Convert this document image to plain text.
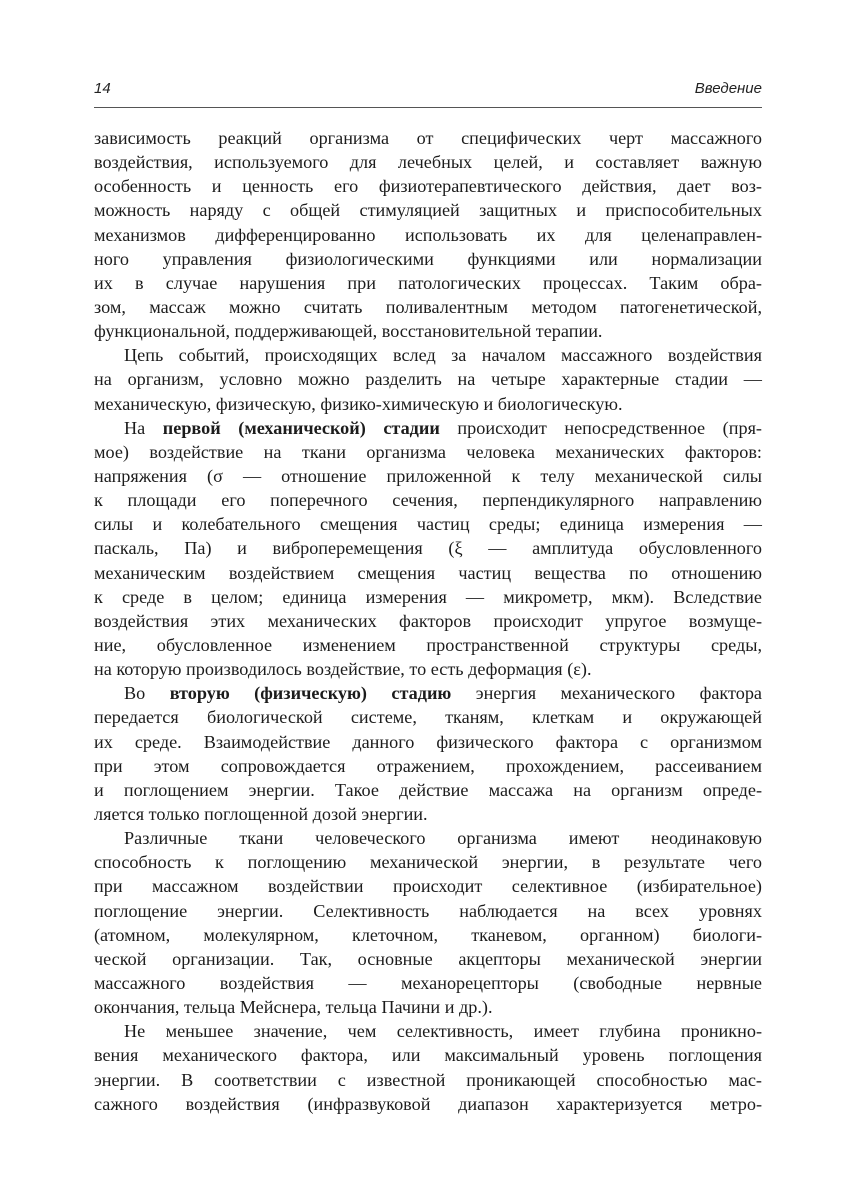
14	Введение
зависимость реакций организма от специфических черт массажного
воздействия, используемого для лечебных целей, и составляет важную
особенность и ценность его физиотерапевтического действия, дает воз-
можность наряду с общей стимуляцией защитных и приспособительных
механизмов дифференцированно использовать их для целенаправлен-
ного управления физиологическими функциями или нормализации
их в случае нарушения при патологических процессах. Таким обра-
зом, массаж можно считать поливалентным методом патогенетической,
функциональной, поддерживающей, восстановительной терапии.
Цепь событий, происходящих вслед за началом массажного воздействия
на организм, условно можно разделить на четыре характерные стадии —
механическую, физическую, физико-химическую и биологическую.
На первой (механической) стадии происходит непосредственное (пря-
мое) воздействие на ткани организма человека механических факторов:
напряжения (σ — отношение приложенной к телу механической силы
к площади его поперечного сечения, перпендикулярного направлению
силы и колебательного смещения частиц среды; единица измерения —
паскаль, Па) и виброперемещения (ξ — амплитуда обусловленного
механическим воздействием смещения частиц вещества по отношению
к среде в целом; единица измерения — микрометр, мкм). Вследствие
воздействия этих механических факторов происходит упругое возмуще-
ние, обусловленное изменением пространственной структуры среды,
на которую производилось воздействие, то есть деформация (ε).
Во вторую (физическую) стадию энергия механического фактора
передается биологической системе, тканям, клеткам и окружающей
их среде. Взаимодействие данного физического фактора с организмом
при этом сопровождается отражением, прохождением, рассеиванием
и поглощением энергии. Такое действие массажа на организм опреде-
ляется только поглощенной дозой энергии.
Различные ткани человеческого организма имеют неодинаковую
способность к поглощению механической энергии, в результате чего
при массажном воздействии происходит селективное (избирательное)
поглощение энергии. Селективность наблюдается на всех уровнях
(атомном, молекулярном, клеточном, тканевом, органном) биологи-
ческой организации. Так, основные акцепторы механической энергии
массажного воздействия — механорецепторы (свободные нервные
окончания, тельца Мейснера, тельца Пачини и др.).
Не меньшее значение, чем селективность, имеет глубина проникно-
вения механического фактора, или максимальный уровень поглощения
энергии. В соответствии с известной проникающей способностью мас-
сажного воздействия (инфразвуковой диапазон характеризуется метро-
